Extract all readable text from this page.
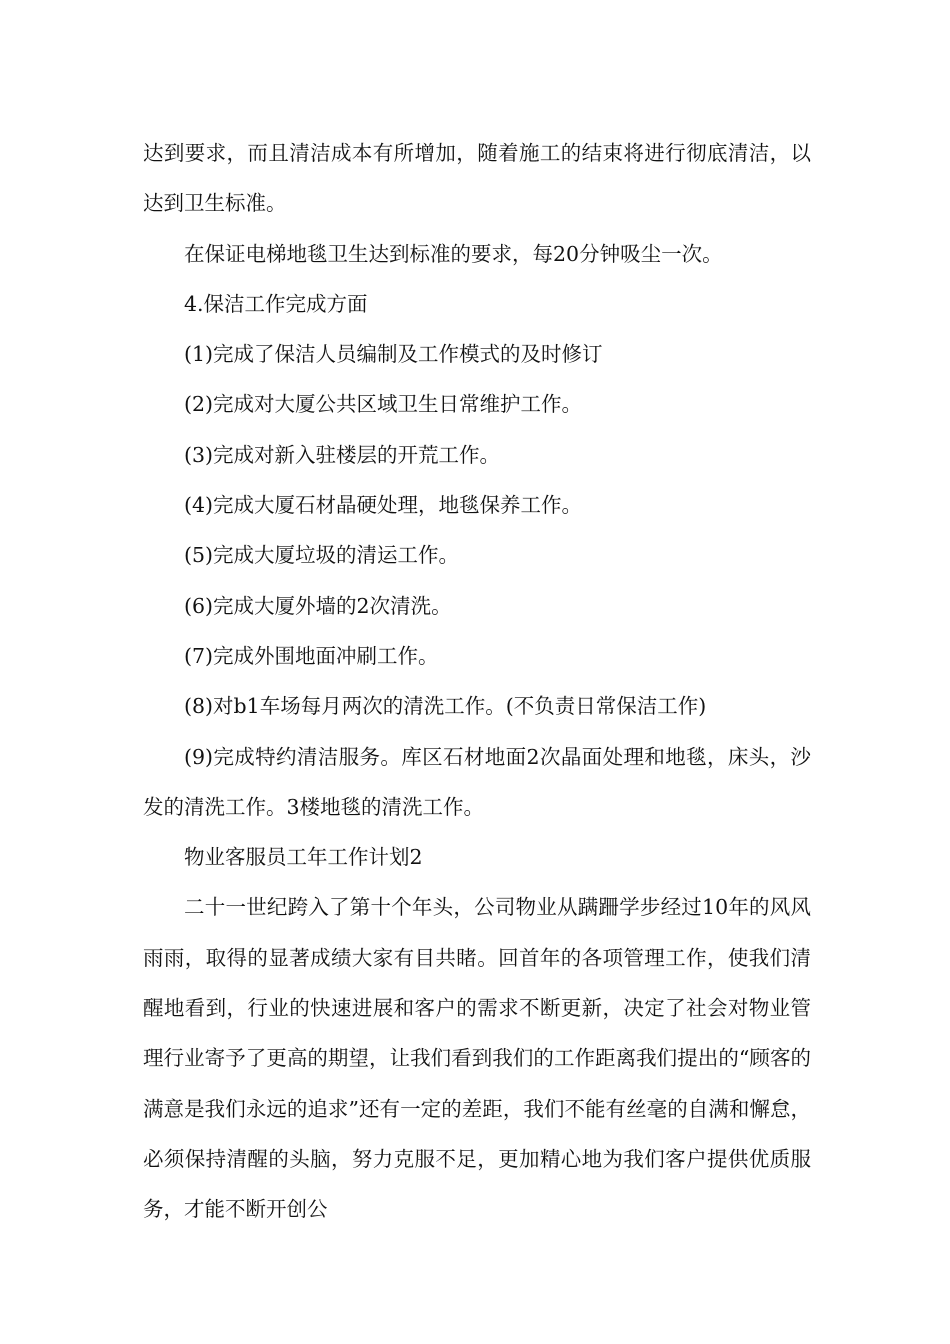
达到要求，而且清洁成本有所增加，随着施工的结束将进行彻底清洁，以达到卫生标准。

在保证电梯地毯卫生达到标准的要求，每20分钟吸尘一次。

4.保洁工作完成方面

(1)完成了保洁人员编制及工作模式的及时修订

(2)完成对大厦公共区域卫生日常维护工作。

(3)完成对新入驻楼层的开荒工作。

(4)完成大厦石材晶硬处理，地毯保养工作。

(5)完成大厦垃圾的清运工作。

(6)完成大厦外墙的2次清洗。

(7)完成外围地面冲刷工作。

(8)对b1车场每月两次的清洗工作。(不负责日常保洁工作)

(9)完成特约清洁服务。库区石材地面2次晶面处理和地毯，床头，沙发的清洗工作。3楼地毯的清洗工作。

物业客服员工年工作计划2

二十一世纪跨入了第十个年头，公司物业从蹒跚学步经过10年的风风雨雨，取得的显著成绩大家有目共睹。回首年的各项管理工作，使我们清醒地看到，行业的快速进展和客户的需求不断更新，决定了社会对物业管理行业寄予了更高的期望，让我们看到我们的工作距离我们提出的“顾客的满意是我们永远的追求”还有一定的差距，我们不能有丝毫的自满和懈怠，必须保持清醒的头脑，努力克服不足，更加精心地为我们客户提供优质服务，才能不断开创公
